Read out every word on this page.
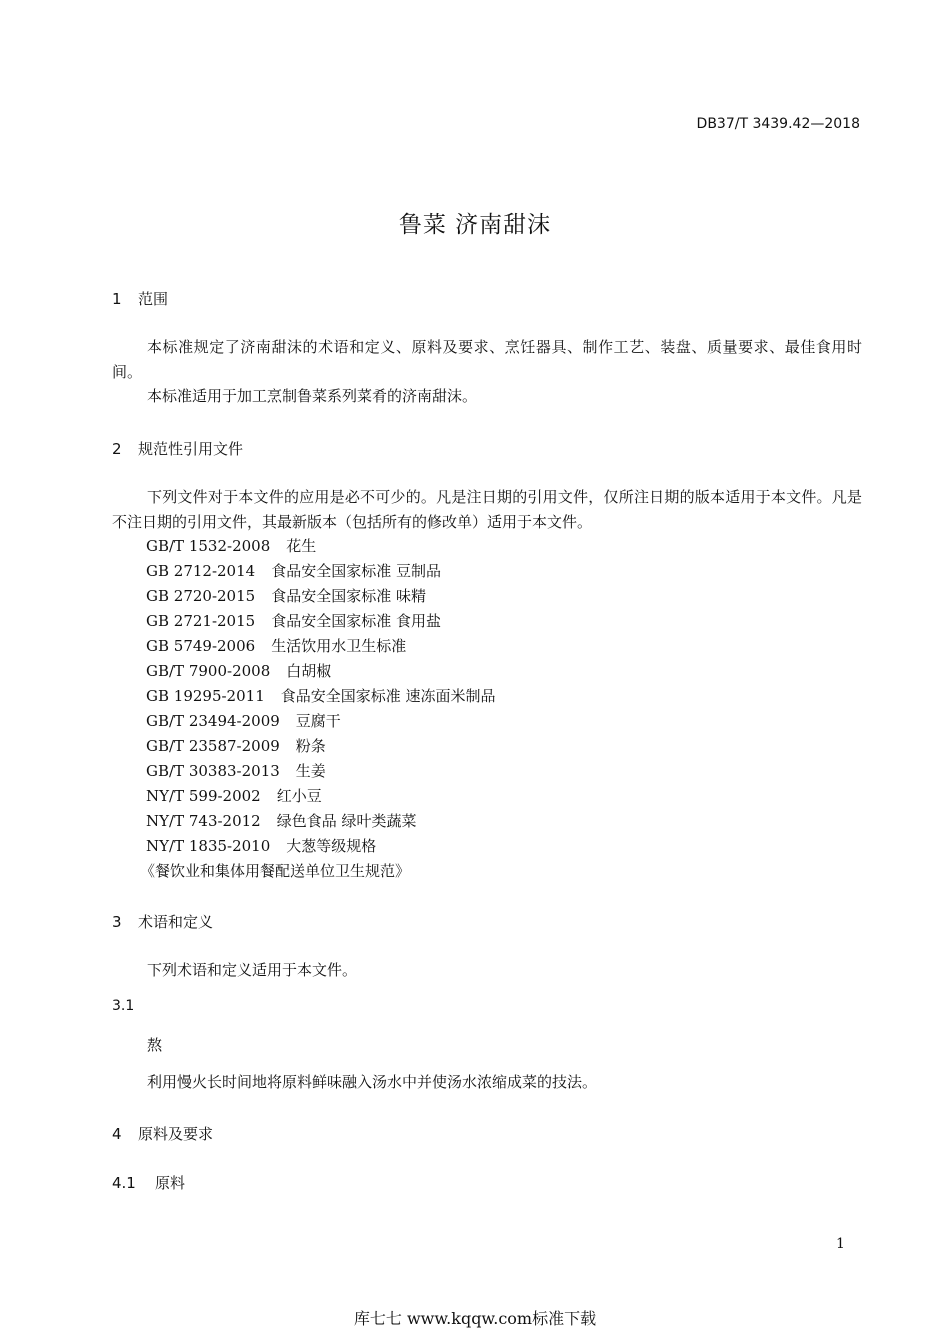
DB37/T 3439.42—2018
鲁菜 济南甜沫
1 范围
本标准规定了济南甜沫的术语和定义、原料及要求、烹饪器具、制作工艺、装盘、质量要求、最佳食用时间。
本标准适用于加工烹制鲁菜系列菜肴的济南甜沫。
2 规范性引用文件
下列文件对于本文件的应用是必不可少的。凡是注日期的引用文件，仅所注日期的版本适用于本文件。凡是不注日期的引用文件，其最新版本（包括所有的修改单）适用于本文件。
GB/T 1532-2008 花生
GB 2712-2014 食品安全国家标准 豆制品
GB 2720-2015 食品安全国家标准 味精
GB 2721-2015 食品安全国家标准 食用盐
GB 5749-2006 生活饮用水卫生标准
GB/T 7900-2008 白胡椒
GB 19295-2011 食品安全国家标准 速冻面米制品
GB/T 23494-2009 豆腐干
GB/T 23587-2009 粉条
GB/T 30383-2013 生姜
NY/T 599-2002 红小豆
NY/T 743-2012 绿色食品 绿叶类蔬菜
NY/T 1835-2010 大葱等级规格
《餐饮业和集体用餐配送单位卫生规范》
3 术语和定义
下列术语和定义适用于本文件。
3.1
熬
利用慢火长时间地将原料鲜味融入汤水中并使汤水浓缩成菜的技法。
4 原料及要求
4.1 原料
1
库七七 www.kqqw.com标准下载
